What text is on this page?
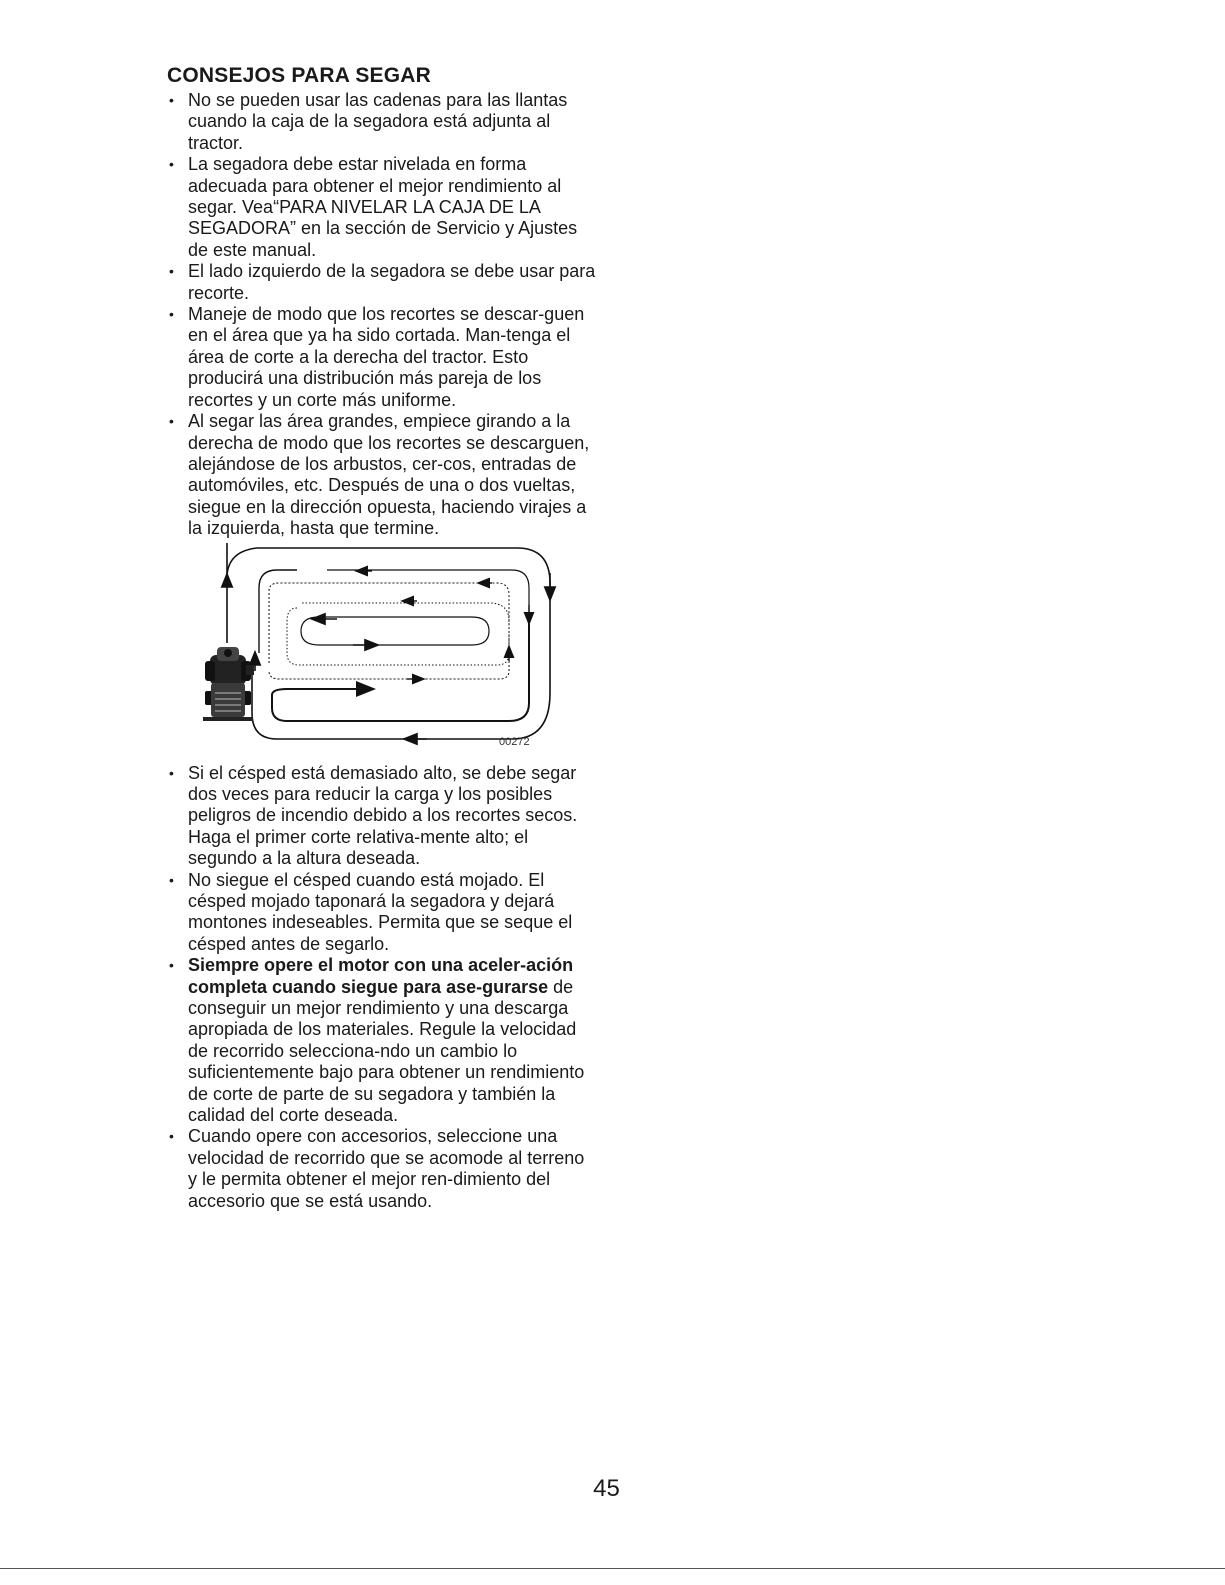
CONSEJOS PARA SEGAR
• No se pueden usar las cadenas para las llantas cuando la caja de la segadora está adjunta al tractor.
• La segadora debe estar nivelada en forma adecuada para obtener el mejor rendimiento al segar. Vea“PARA NIVELAR LA CAJA DE LA SEGADORA” en la sección de Servicio y Ajustes de este manual.
• El lado izquierdo de la segadora se debe usar para recorte.
• Maneje de modo que los recortes se descar-guen en el área que ya ha sido cortada. Man-tenga el área de corte a la derecha del tractor. Esto producirá una distribución más pareja de los recortes y un corte más uniforme.
• Al segar las área grandes, empiece girando a la derecha de modo que los recortes se descarguen, alejándose de los arbustos, cer-cos, entradas de automóviles, etc. Después de una o dos vueltas, siegue en la dirección opuesta, haciendo virajes a la izquierda, hasta que termine.
00272
• Si el césped está demasiado alto, se debe segar dos veces para reducir la carga y los posibles peligros de incendio debido a los recortes secos. Haga el primer corte relativa-mente alto; el segundo a la altura deseada.
• No siegue el césped cuando está mojado. El césped mojado taponará la segadora y dejará montones indeseables. Permita que se seque el césped antes de segarlo.
• Siempre opere el motor con una aceler-ación completa cuando siegue para ase-gurarse de conseguir un mejor rendimiento y una descarga apropiada de los materiales. Regule la velocidad de recorrido selecciona-ndo un cambio lo suficientemente bajo para obtener un rendimiento de corte de parte de su segadora y también la calidad del corte deseada.
• Cuando opere con accesorios, seleccione una velocidad de recorrido que se acomode al terreno y le permita obtener el mejor ren-dimiento del accesorio que se está usando.
45
